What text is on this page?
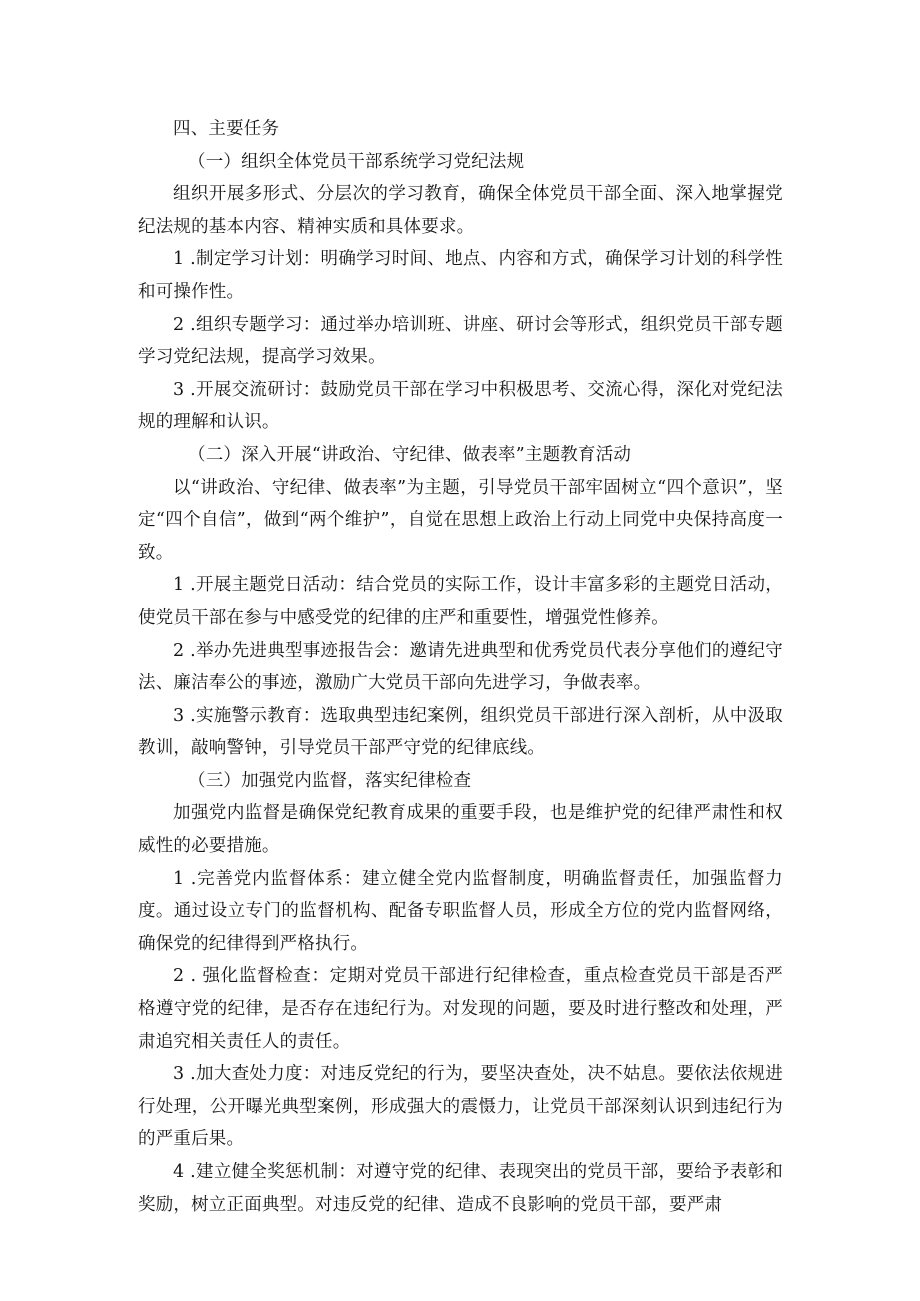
四、主要任务

（一）组织全体党员干部系统学习党纪法规

组织开展多形式、分层次的学习教育，确保全体党员干部全面、深入地掌握党纪法规的基本内容、精神实质和具体要求。

1 .制定学习计划：明确学习时间、地点、内容和方式，确保学习计划的科学性和可操作性。

2 .组织专题学习：通过举办培训班、讲座、研讨会等形式，组织党员干部专题学习党纪法规，提高学习效果。

3 .开展交流研讨：鼓励党员干部在学习中积极思考、交流心得，深化对党纪法规的理解和认识。

（二）深入开展“讲政治、守纪律、做表率”主题教育活动

以“讲政治、守纪律、做表率”为主题，引导党员干部牢固树立“四个意识”，坚定“四个自信”，做到“两个维护”，自觉在思想上政治上行动上同党中央保持高度一致。

1 .开展主题党日活动：结合党员的实际工作，设计丰富多彩的主题党日活动，使党员干部在参与中感受党的纪律的庄严和重要性，增强党性修养。

2 .举办先进典型事迹报告会：邀请先进典型和优秀党员代表分享他们的遵纪守法、廉洁奉公的事迹，激励广大党员干部向先进学习，争做表率。

3 .实施警示教育：选取典型违纪案例，组织党员干部进行深入剖析，从中汲取教训，敲响警钟，引导党员干部严守党的纪律底线。

（三）加强党内监督，落实纪律检查

加强党内监督是确保党纪教育成果的重要手段，也是维护党的纪律严肃性和权威性的必要措施。

1 .完善党内监督体系：建立健全党内监督制度，明确监督责任，加强监督力度。通过设立专门的监督机构、配备专职监督人员，形成全方位的党内监督网络，确保党的纪律得到严格执行。

2 . 强化监督检查：定期对党员干部进行纪律检查，重点检查党员干部是否严格遵守党的纪律，是否存在违纪行为。对发现的问题，要及时进行整改和处理，严肃追究相关责任人的责任。

3 .加大查处力度：对违反党纪的行为，要坚决查处，决不姑息。要依法依规进行处理，公开曝光典型案例，形成强大的震慑力，让党员干部深刻认识到违纪行为的严重后果。

4 .建立健全奖惩机制：对遵守党的纪律、表现突出的党员干部，要给予表彰和奖励，树立正面典型。对违反党的纪律、造成不良影响的党员干部，要严肃
